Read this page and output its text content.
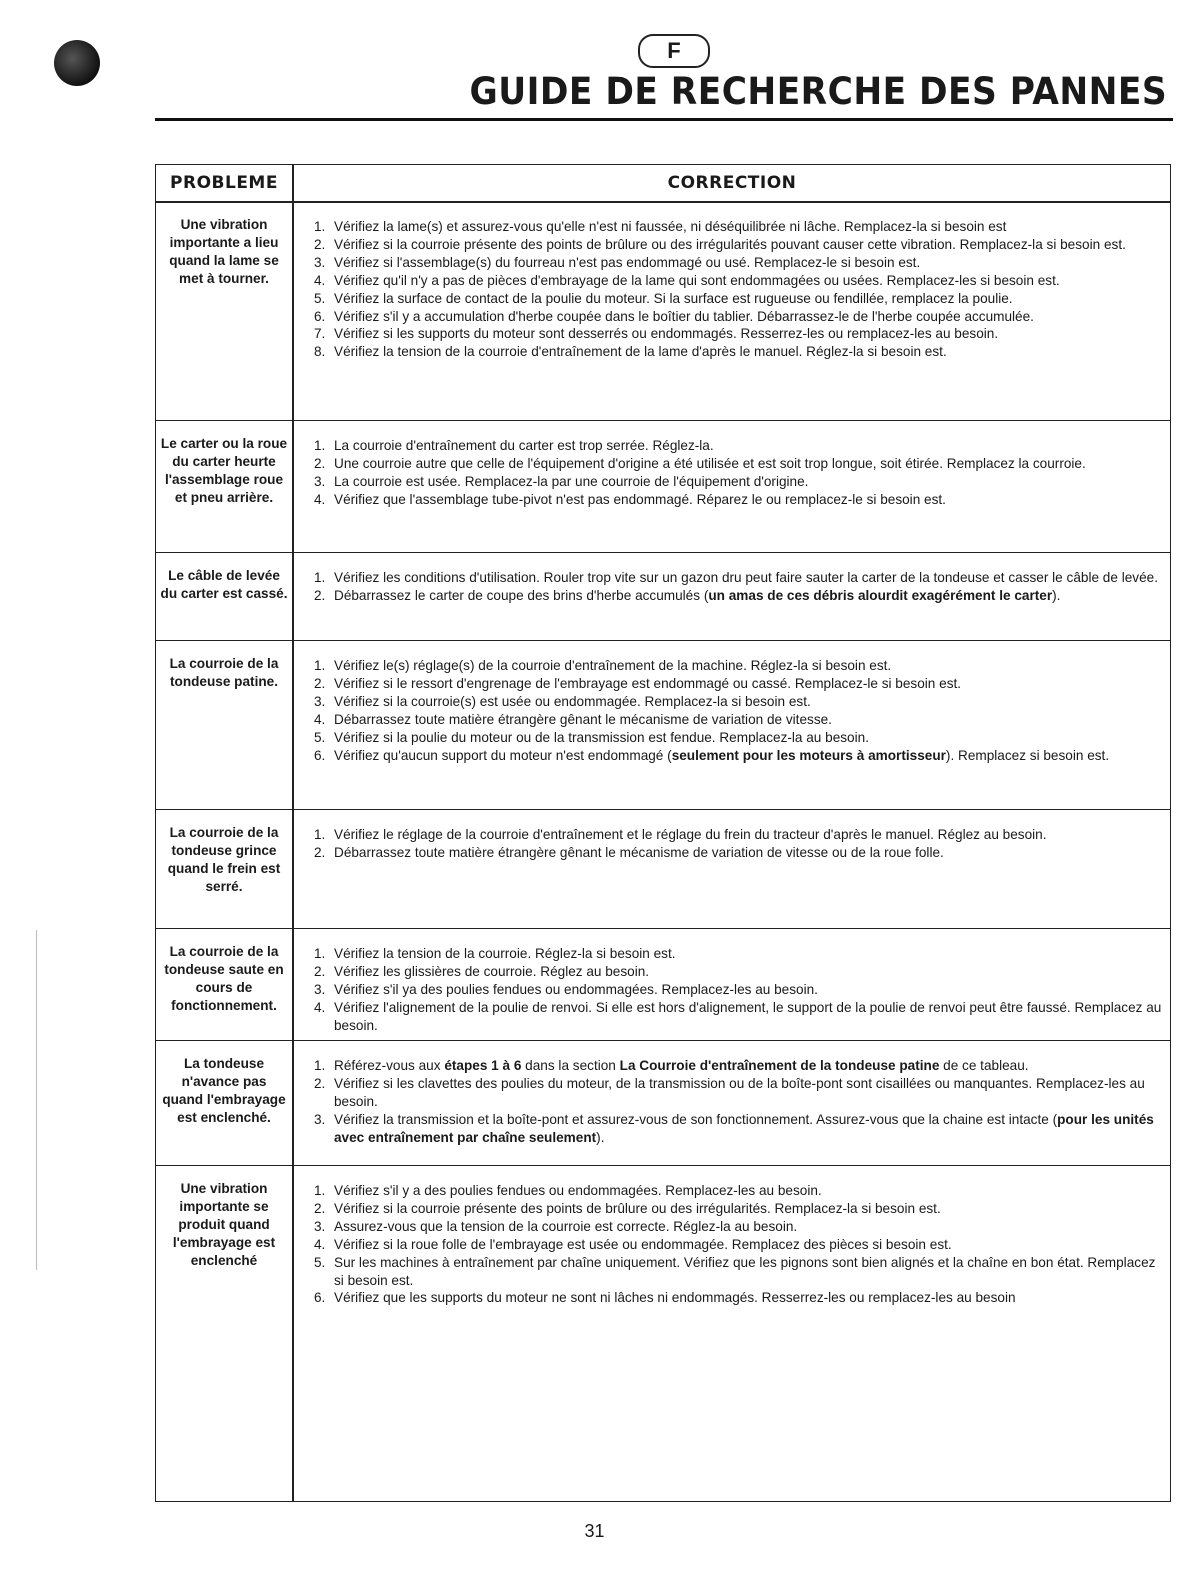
F
GUIDE DE RECHERCHE DES PANNES
PROBLEME	CORRECTION
Une vibration importante a lieu quand la lame se met à tourner.
1. Vérifiez la lame(s) et assurez-vous qu'elle n'est ni faussée, ni déséquilibrée ni lâche. Remplacez-la si besoin est
2. Vérifiez si la courroie présente des points de brûlure ou des irrégularités pouvant causer cette vibration. Remplacez-la si besoin est.
3. Vérifiez si l'assemblage(s) du fourreau n'est pas endommagé ou usé. Remplacez-le si besoin est.
4. Vérifiez qu'il n'y a pas de pièces d'embrayage de la lame qui sont endommagées ou usées. Remplacez-les si besoin est.
5. Vérifiez la surface de contact de la poulie du moteur. Si la surface est rugueuse ou fendillée, remplacez la poulie.
6. Vérifiez s'il y a accumulation d'herbe coupée dans le boîtier du tablier. Débarrassez-le de l'herbe coupée accumulée.
7. Vérifiez si les supports du moteur sont desserrés ou endommagés. Resserrez-les ou remplacez-les au besoin.
8. Vérifiez la tension de la courroie d'entraînement de la lame d'après le manuel. Réglez-la si besoin est.
Le carter ou la roue du carter heurte l'assemblage roue et pneu arrière.
1. La courroie d'entraînement du carter est trop serrée. Réglez-la.
2. Une courroie autre que celle de l'équipement d'origine a été utilisée et est soit trop longue, soit étirée. Remplacez la courroie.
3. La courroie est usée. Remplacez-la par une courroie de l'équipement d'origine.
4. Vérifiez que l'assemblage tube-pivot n'est pas endommagé. Réparez le ou remplacez-le si besoin est.
Le câble de levée du carter est cassé.
1. Vérifiez les conditions d'utilisation. Rouler trop vite sur un gazon dru peut faire sauter la carter de la tondeuse et casser le câble de levée.
2. Débarrassez le carter de coupe des brins d'herbe accumulés (un amas de ces débris alourdit exagérément le carter).
La courroie de la tondeuse patine.
1. Vérifiez le(s) réglage(s) de la courroie d'entraînement de la machine. Réglez-la si besoin est.
2. Vérifiez si le ressort d'engrenage de l'embrayage est endommagé ou cassé. Remplacez-le si besoin est.
3. Vérifiez si la courroie(s) est usée ou endommagée. Remplacez-la si besoin est.
4. Débarrassez toute matière étrangère gênant le mécanisme de variation de vitesse.
5. Vérifiez si la poulie du moteur ou de la transmission est fendue. Remplacez-la au besoin.
6. Vérifiez qu'aucun support du moteur n'est endommagé (seulement pour les moteurs à amortisseur). Remplacez si besoin est.
La courroie de la tondeuse grince quand le frein est serré.
1. Vérifiez le réglage de la courroie d'entraînement et le réglage du frein du tracteur d'après le manuel. Réglez au besoin.
2. Débarrassez toute matière étrangère gênant le mécanisme de variation de vitesse ou de la roue folle.
La courroie de la tondeuse saute en cours de fonctionnement.
1. Vérifiez la tension de la courroie. Réglez-la si besoin est.
2. Vérifiez les glissières de courroie. Réglez au besoin.
3. Vérifiez s'il ya des poulies fendues ou endommagées. Remplacez-les au besoin.
4. Vérifiez l'alignement de la poulie de renvoi. Si elle est hors d'alignement, le support de la poulie de renvoi peut être faussé. Remplacez au besoin.
La tondeuse n'avance pas quand l'embrayage est enclenché.
1. Référez-vous aux étapes 1 à 6 dans la section La Courroie d'entraînement de la tondeuse patine de ce tableau.
2. Vérifiez si les clavettes des poulies du moteur, de la transmission ou de la boîte-pont sont cisaillées ou manquantes. Remplacez-les au besoin.
3. Vérifiez la transmission et la boîte-pont et assurez-vous de son fonctionnement. Assurez-vous que la chaine est intacte (pour les unités avec entraînement par chaîne seulement).
Une vibration importante se produit quand l'embrayage est enclenché
1. Vérifiez s'il y a des poulies fendues ou endommagées. Remplacez-les au besoin.
2. Vérifiez si la courroie présente des points de brûlure ou des irrégularités. Remplacez-la si besoin est.
3. Assurez-vous que la tension de la courroie est correcte. Réglez-la au besoin.
4. Vérifiez si la roue folle de l'embrayage est usée ou endommagée. Remplacez des pièces si besoin est.
5. Sur les machines à entraînement par chaîne uniquement. Vérifiez que les pignons sont bien alignés et la chaîne en bon état. Remplacez si besoin est.
6. Vérifiez que les supports du moteur ne sont ni lâches ni endommagés. Resserrez-les ou remplacez-les au besoin
31
